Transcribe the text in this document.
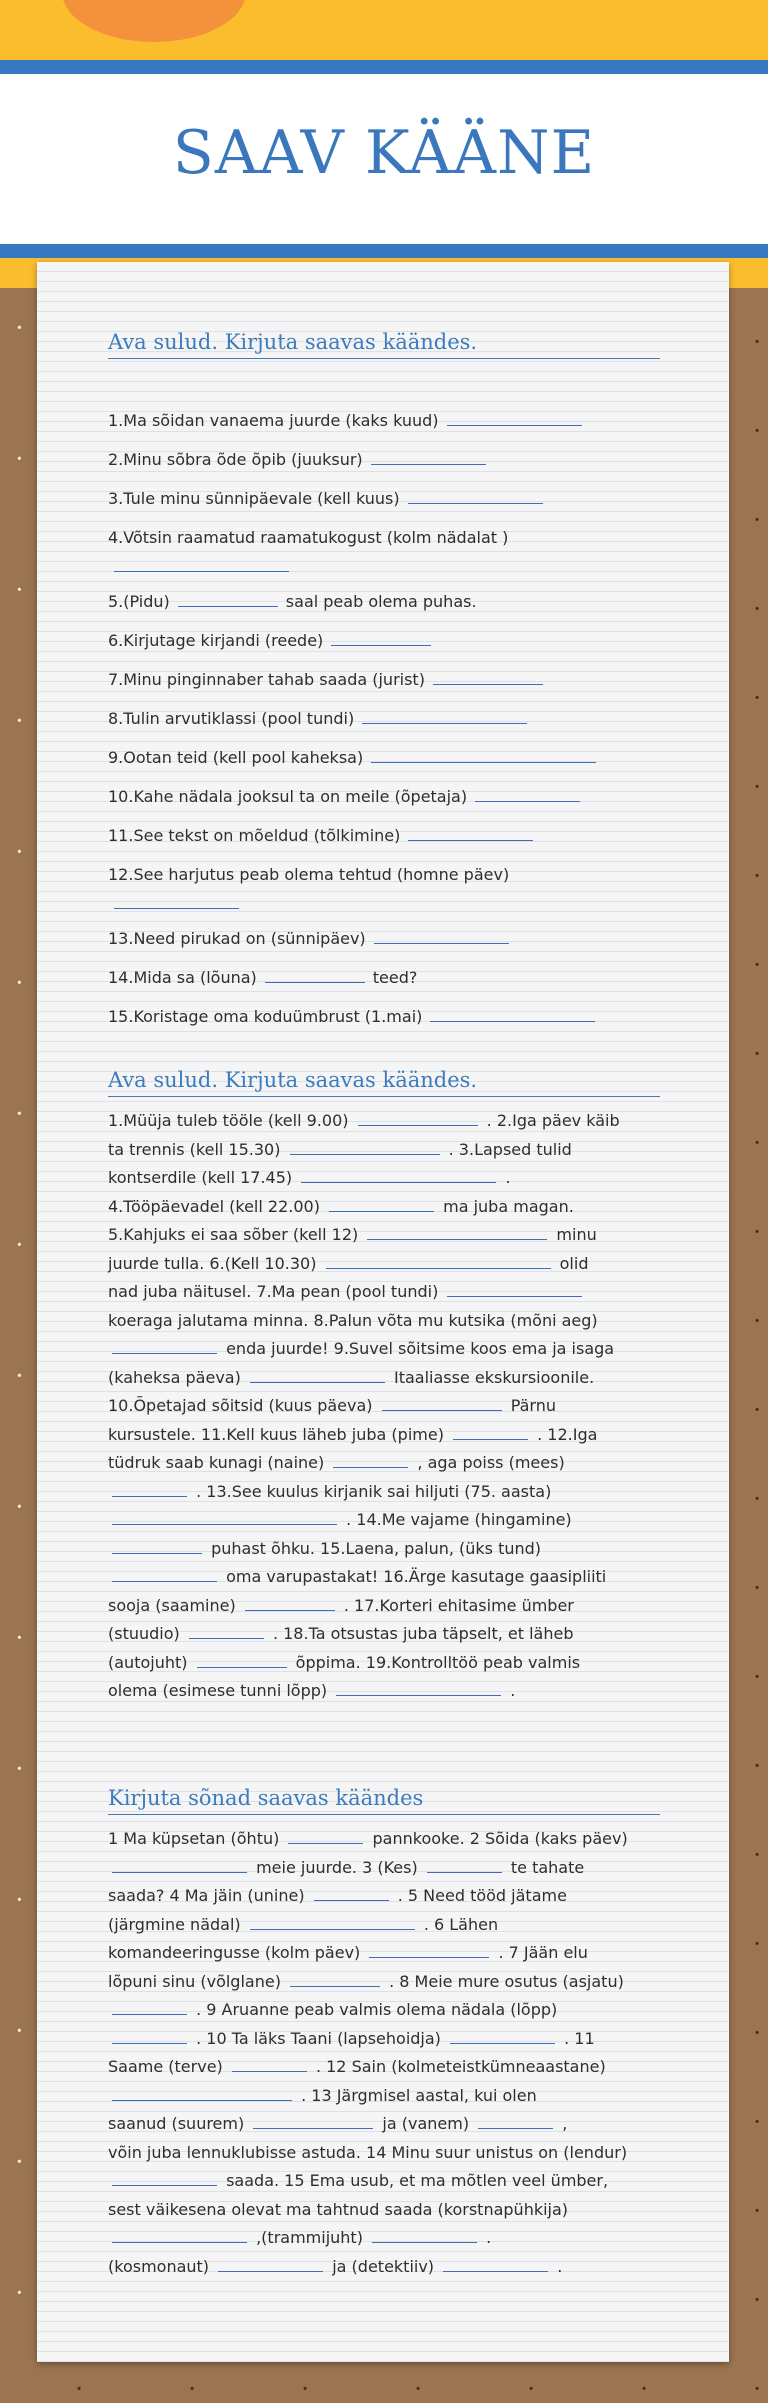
SAAV KÄÄNE
Ava sulud. Kirjuta saavas käändes.
1.Ma sõidan vanaema juurde (kaks kuud)
2.Minu sõbra õde õpib (juuksur)
3.Tule minu sünnipäevale (kell kuus)
4.Võtsin raamatud raamatukogust (kolm nädalat )
5.(Pidu)	saal peab olema puhas.
6.Kirjutage kirjandi (reede)
7.Minu pinginnaber tahab saada (jurist)
8.Tulin arvutiklassi (pool tundi)
9.Ootan teid (kell pool kaheksa)
10.Kahe nädala jooksul ta on meile (õpetaja)
11.See tekst on mõeldud (tõlkimine)
12.See harjutus peab olema tehtud (homne päev)
13.Need pirukad on (sünnipäev)
14.Mida sa (lõuna)	teed?
15.Koristage oma koduümbrust (1.mai)
Ava sulud. Kirjuta saavas käändes.
1.Müüja tuleb tööle (kell 9.00)	. 2.Iga päev käib
ta trennis (kell 15.30)	. 3.Lapsed tulid
kontserdile (kell 17.45)	.
4.Tööpäevadel (kell 22.00)	ma juba magan.
5.Kahjuks ei saa sõber (kell 12)	minu
juurde tulla. 6.(Kell 10.30)	olid
nad juba näitusel. 7.Ma pean (pool tundi)
koeraga jalutama minna. 8.Palun võta mu kutsika (mõni aeg)
enda juurde! 9.Suvel sõitsime koos ema ja isaga
(kaheksa päeva)	Itaaliasse ekskursioonile.
10.Õpetajad sõitsid (kuus päeva)	Pärnu
kursustele. 11.Kell kuus läheb juba (pime)	. 12.Iga
tüdruk saab kunagi (naine)	, aga poiss (mees)
. 13.See kuulus kirjanik sai hiljuti (75. aasta)
. 14.Me vajame (hingamine)
puhast õhku. 15.Laena, palun, (üks tund)
oma varupastakat! 16.Ärge kasutage gaasipliiti
sooja (saamine)	. 17.Korteri ehitasime ümber
(stuudio)	. 18.Ta otsustas juba täpselt, et läheb
(autojuht)	õppima. 19.Kontrolltöö peab valmis
olema (esimese tunni lõpp)	.
Kirjuta sõnad saavas käändes
1 Ma küpsetan (õhtu)	pannkooke. 2 Sõida (kaks päev)
meie juurde. 3 (Kes)	te tahate
saada? 4 Ma jäin (unine)	. 5 Need tööd jätame
(järgmine nädal)	. 6 Lähen
komandeeringusse (kolm päev)	. 7 Jään elu
lõpuni sinu (võlglane)	. 8 Meie mure osutus (asjatu)
. 9 Aruanne peab valmis olema nädala (lõpp)
. 10 Ta läks Taani (lapsehoidja)	. 11
Saame (terve)	. 12 Sain (kolmeteistkümneaastane)
. 13 Järgmisel aastal, kui olen
saanud (suurem)	ja (vanem)	,
võin juba lennuklubisse astuda. 14 Minu suur unistus on (lendur)
saada. 15 Ema usub, et ma mõtlen veel ümber,
sest väikesena olevat ma tahtnud saada (korstnapühkija)
,(trammijuht)	.
(kosmonaut)	ja (detektiiv)	.
